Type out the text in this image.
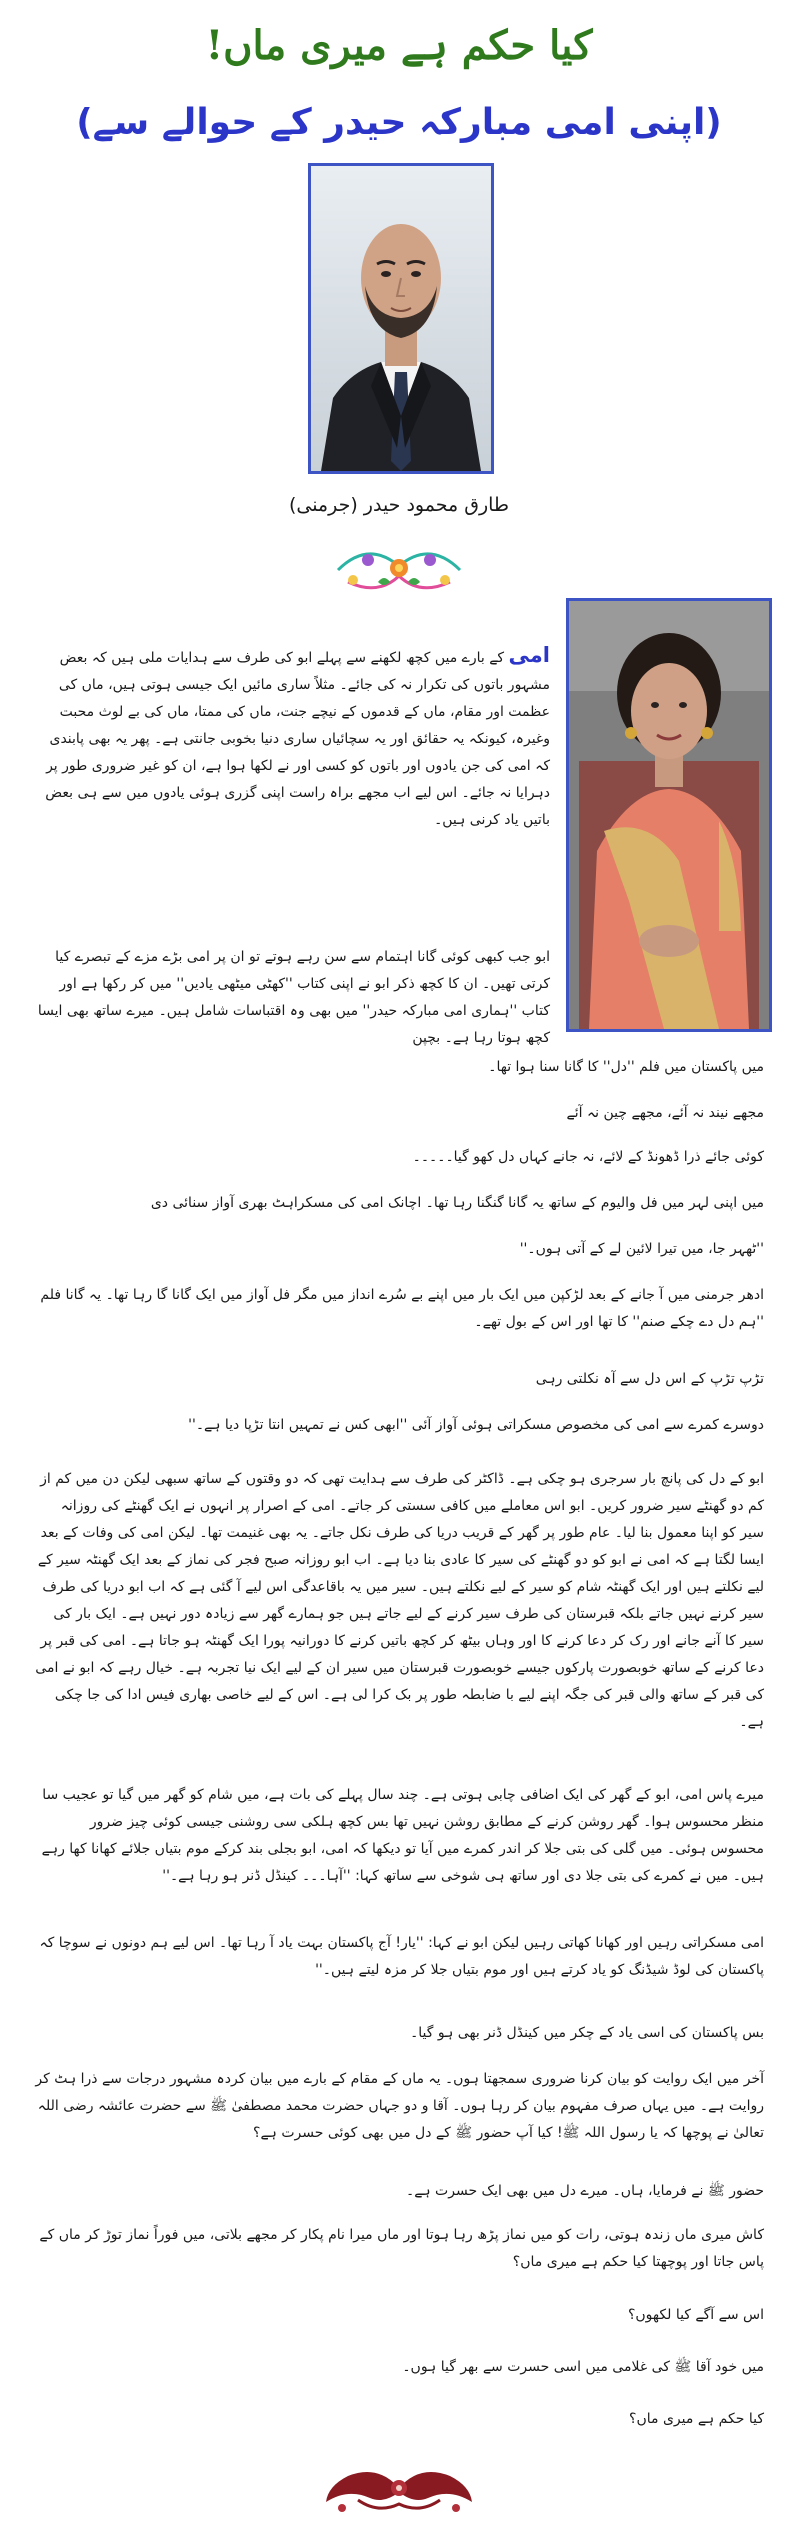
کیا حکم ہے میری ماں!
(اپنی امی مبارکہ حیدر کے حوالے سے)
طارق محمود حیدر (جرمنی)

امی کے بارے میں کچھ لکھنے سے پہلے ابو کی طرف سے ہدایات ملی ہیں کہ بعض مشہور باتوں کی تکرار نہ کی جائے۔ مثلاً ساری مائیں ایک جیسی ہوتی ہیں، ماں کی عظمت اور مقام، ماں کے قدموں کے نیچے جنت، ماں کی ممتا، ماں کی بے لوث محبت وغیرہ، کیونکہ یہ حقائق اور یہ سچائیاں ساری دنیا بخوبی جانتی ہے۔ پھر یہ بھی پابندی کہ امی کی جن یادوں اور باتوں کو کسی اور نے لکھا ہوا ہے، ان کو غیر ضروری طور پر دہرایا نہ جائے۔ اس لیے اب مجھے براہ راست اپنی گزری ہوئی یادوں میں سے ہی بعض باتیں یاد کرنی ہیں۔

ابو جب کبھی کوئی گانا اہتمام سے سن رہے ہوتے تو ان پر امی بڑے مزے کے تبصرے کیا کرتی تھیں۔ ان کا کچھ ذکر ابو نے اپنی کتاب ''کھٹی میٹھی یادیں'' میں کر رکھا ہے اور کتاب ''ہماری امی مبارکہ حیدر'' میں بھی وہ اقتباسات شامل ہیں۔ میرے ساتھ بھی ایسا کچھ ہوتا رہا ہے۔ بچپن

میں پاکستان میں فلم ''دل'' کا گانا سنا ہوا تھا۔

مجھے نیند نہ آئے، مجھے چین نہ آئے

کوئی جائے ذرا ڈھونڈ کے لائے، نہ جانے کہاں دل کھو گیا۔۔۔۔۔

میں اپنی لہر میں فل والیوم کے ساتھ یہ گانا گنگنا رہا تھا۔ اچانک امی کی مسکراہٹ بھری آواز سنائی دی

''ٹھہر جا، میں تیرا لائین لے کے آتی ہوں۔''

ادھر جرمنی میں آ جانے کے بعد لڑکپن میں ایک بار میں اپنے بے سُرے انداز میں مگر فل آواز میں ایک گانا گا رہا تھا۔ یہ گانا فلم ''ہم دل دے چکے صنم'' کا تھا اور اس کے بول تھے۔

تڑپ تڑپ کے اس دل سے آہ نکلتی رہی

دوسرے کمرے سے امی کی مخصوص مسکراتی ہوئی آواز آئی ''ابھی کس نے تمہیں انتا تڑپا دیا ہے۔''

ابو کے دل کی پانچ بار سرجری ہو چکی ہے۔ ڈاکٹر کی طرف سے ہدایت تھی کہ دو وقتوں کے ساتھ سبھی لیکن دن میں کم از کم دو گھنٹے سیر ضرور کریں۔ ابو اس معاملے میں کافی سستی کر جاتے۔ امی کے اصرار پر انہوں نے ایک گھنٹے کی روزانہ سیر کو اپنا معمول بنا لیا۔ عام طور پر گھر کے قریب دریا کی طرف نکل جاتے۔ یہ بھی غنیمت تھا۔ لیکن امی کی وفات کے بعد ایسا لگتا ہے کہ امی نے ابو کو دو گھنٹے کی سیر کا عادی بنا دیا ہے۔ اب ابو روزانہ صبح فجر کی نماز کے بعد ایک گھنٹہ سیر کے لیے نکلتے ہیں اور ایک گھنٹہ شام کو سیر کے لیے نکلتے ہیں۔ سیر میں یہ باقاعدگی اس لیے آ گئی ہے کہ اب ابو دریا کی طرف سیر کرنے نہیں جاتے بلکہ قبرستان کی طرف سیر کرنے کے لیے جاتے ہیں جو ہمارے گھر سے زیادہ دور نہیں ہے۔ ایک بار کی سیر کا آنے جانے اور رک کر دعا کرنے کا اور وہاں بیٹھ کر کچھ باتیں کرنے کا دورانیہ پورا ایک گھنٹہ ہو جاتا ہے۔ امی کی قبر پر دعا کرنے کے ساتھ خوبصورت پارکوں جیسے خوبصورت قبرستان میں سیر ان کے لیے ایک نیا تجربہ ہے۔ خیال رہے کہ ابو نے امی کی قبر کے ساتھ والی قبر کی جگہ اپنے لیے با ضابطہ طور پر بک کرا لی ہے۔ اس کے لیے خاصی بھاری فیس ادا کی جا چکی ہے۔

میرے پاس امی، ابو کے گھر کی ایک اضافی چابی ہوتی ہے۔ چند سال پہلے کی بات ہے، میں شام کو گھر میں گیا تو عجیب سا منظر محسوس ہوا۔ گھر روشن کرنے کے مطابق روشن نہیں تھا بس کچھ ہلکی سی روشنی جیسی کوئی چیز ضرور محسوس ہوئی۔ میں گلی کی بتی جلا کر اندر کمرے میں آیا تو دیکھا کہ امی، ابو بجلی بند کرکے موم بتیاں جلائے کھانا کھا رہے ہیں۔ میں نے کمرے کی بتی جلا دی اور ساتھ ہی شوخی سے ساتھ کہا: ''آہا۔۔۔ کینڈل ڈنر ہو رہا ہے۔''

امی مسکراتی رہیں اور کھانا کھاتی رہیں لیکن ابو نے کہا: ''یار! آج پاکستان بہت یاد آ رہا تھا۔ اس لیے ہم دونوں نے سوچا کہ پاکستان کی لوڈ شیڈنگ کو یاد کرتے ہیں اور موم بتیاں جلا کر مزہ لیتے ہیں۔''

بس پاکستان کی اسی یاد کے چکر میں کینڈل ڈنر بھی ہو گیا۔

آخر میں ایک روایت کو بیان کرنا ضروری سمجھتا ہوں۔ یہ ماں کے مقام کے بارے میں بیان کردہ مشہور درجات سے ذرا ہٹ کر روایت ہے۔ میں یہاں صرف مفہوم بیان کر رہا ہوں۔ آقا و دو جہاں حضرت محمد مصطفیٰ ﷺ سے حضرت عائشہ رضی اللہ تعالیٰ نے پوچھا کہ یا رسول اللہ ﷺ! کیا آپ حضور ﷺ کے دل میں بھی کوئی حسرت ہے؟

حضور ﷺ نے فرمایا، ہاں۔ میرے دل میں بھی ایک حسرت ہے۔

کاش میری ماں زندہ ہوتی، رات کو میں نماز پڑھ رہا ہوتا اور ماں میرا نام پکار کر مجھے بلاتی، میں فوراً نماز توڑ کر ماں کے پاس جاتا اور پوچھتا کیا حکم ہے میری ماں؟

اس سے آگے کیا لکھوں؟

میں خود آقا ﷺ کی غلامی میں اسی حسرت سے بھر گیا ہوں۔

کیا حکم ہے میری ماں؟
